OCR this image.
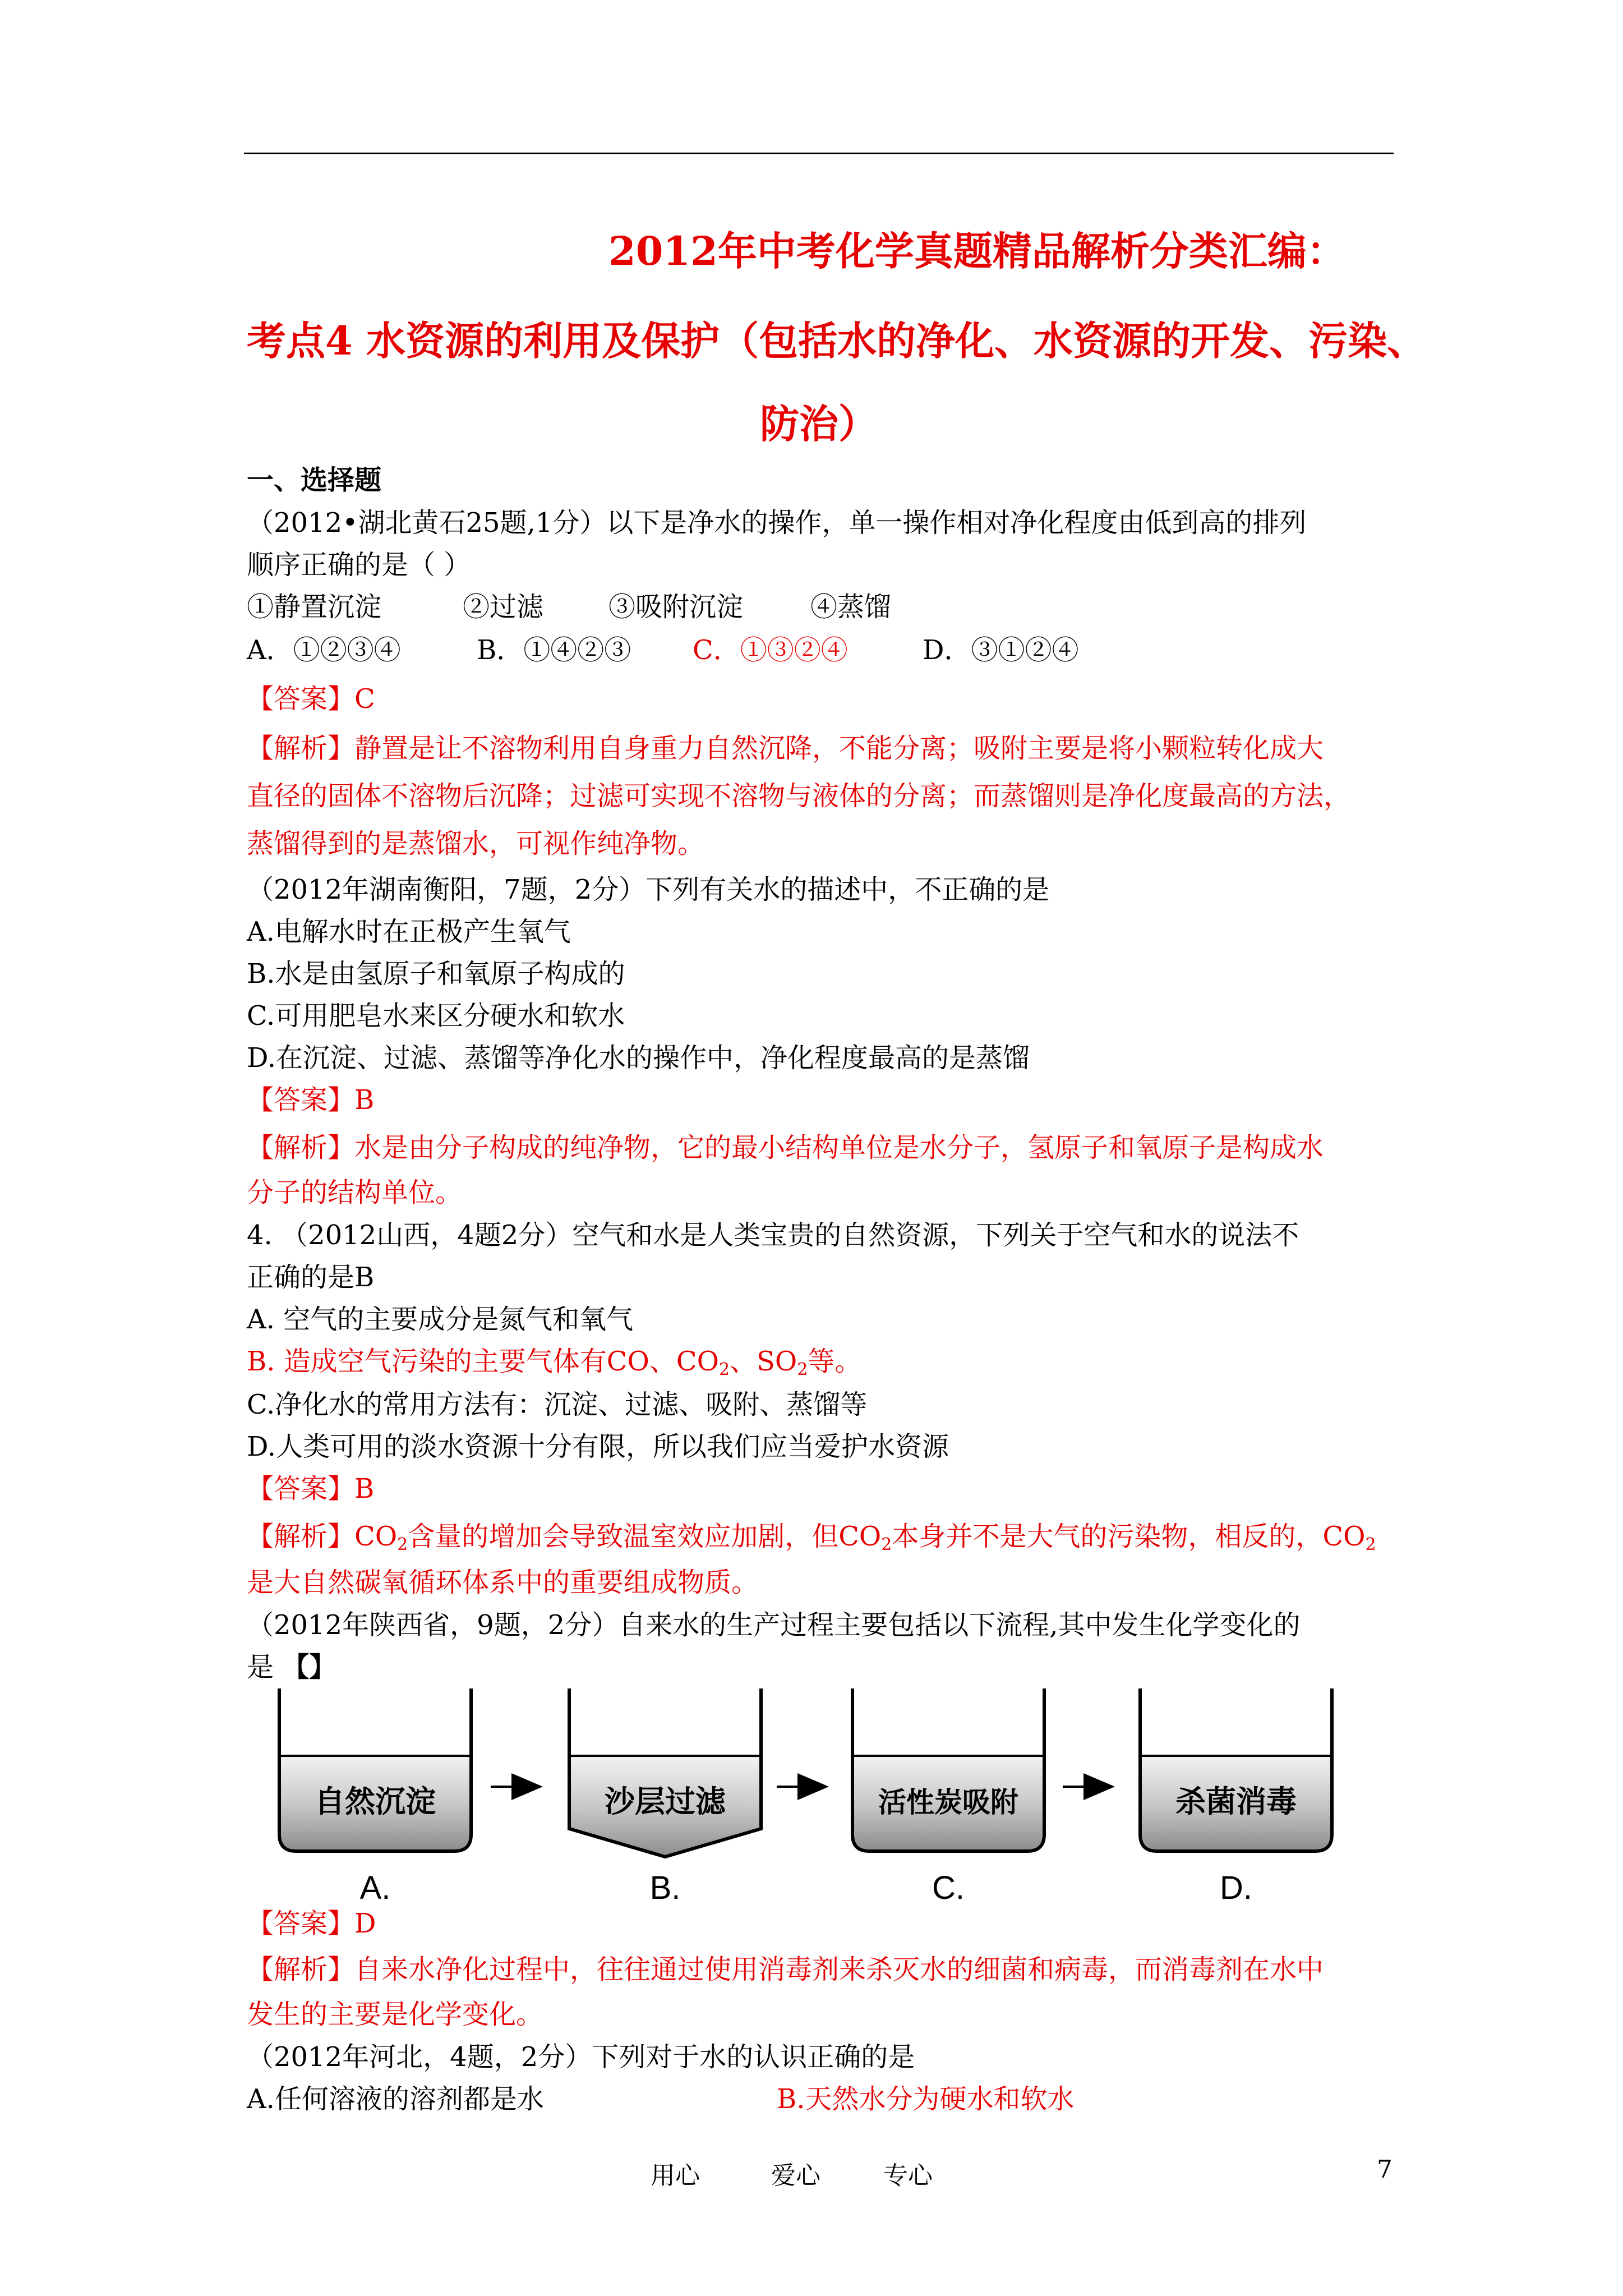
2012年中考化学真题精品解析分类汇编：
考点4 水资源的利用及保护（包括水的净化、水资源的开发、污染、
防治）
一、选择题
（2012•湖北黄石25题,1分）以下是净水的操作，单一操作相对净化程度由低到高的排列
顺序正确的是（ ）
①静置沉淀	②过滤 ③吸附沉淀 ④蒸馏
A．①②③④	B．①④②③ C．①③②④	D．③①②④
【答案】C
【解析】静置是让不溶物利用自身重力自然沉降，不能分离；吸附主要是将小颗粒转化成大
直径的固体不溶物后沉降；过滤可实现不溶物与液体的分离；而蒸馏则是净化度最高的方法，
蒸馏得到的是蒸馏水，可视作纯净物。
（2012年湖南衡阳，7题，2分）下列有关水的描述中，不正确的是
A.电解水时在正极产生氧气
B.水是由氢原子和氧原子构成的
C.可用肥皂水来区分硬水和软水
D.在沉淀、过滤、蒸馏等净化水的操作中，净化程度最高的是蒸馏
【答案】B
【解析】水是由分子构成的纯净物，它的最小结构单位是水分子，氢原子和氧原子是构成水
分子的结构单位。
4. （2012山西，4题2分）空气和水是人类宝贵的自然资源，下列关于空气和水的说法不
正确的是B
A. 空气的主要成分是氮气和氧气
B. 造成空气污染的主要气体有CO、$CO_2$、$SO_2$等。
C.净化水的常用方法有：沉淀、过滤、吸附、蒸馏等
D.人类可用的淡水资源十分有限，所以我们应当爱护水资源
【答案】B
【解析】$CO_2$含量的增加会导致温室效应加剧，但$CO_2$本身并不是大气的污染物，相反的，$CO_2$
是大自然碳氧循环体系中的重要组成物质。
（2012年陕西省，9题，2分）自来水的生产过程主要包括以下流程,其中发生化学变化的
是 【】
自然沉淀
A.
沙层过滤
B.
活性炭吸附
C.
杀菌消毒
D.
【答案】D
【解析】自来水净化过程中，往往通过使用消毒剂来杀灭水的细菌和病毒，而消毒剂在水中
发生的主要是化学变化。
（2012年河北，4题，2分）下列对于水的认识正确的是
A.任何溶液的溶剂都是水	B.天然水分为硬水和软水
用心	爱心	专心	7
